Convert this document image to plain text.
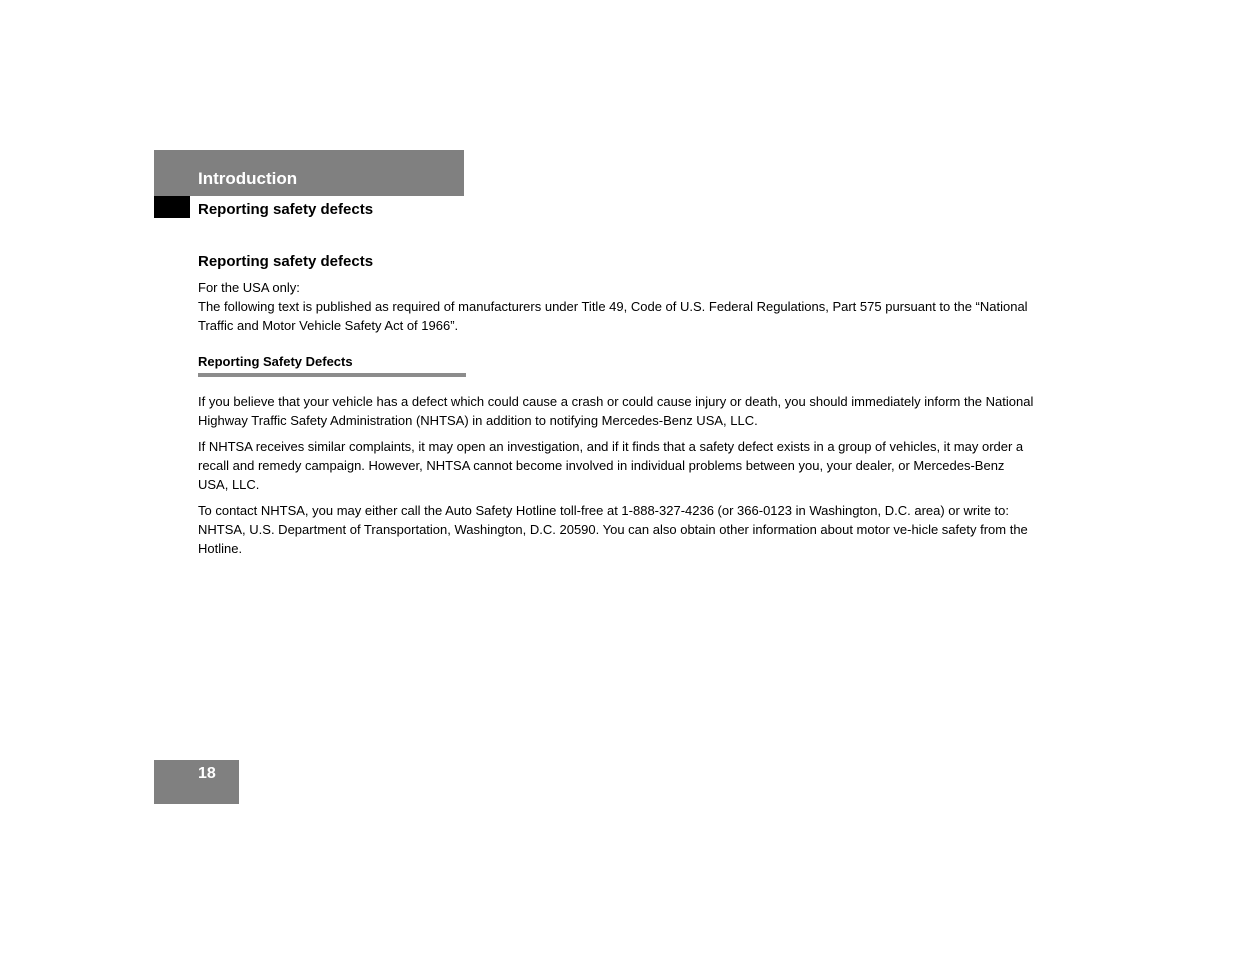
Introduction
Reporting safety defects
Reporting safety defects

For the USA only:

The following text is published as required of manufacturers under Title 49, Code of U.S. Federal Regulations, Part 575 pursuant to the “National Traffic and Motor Vehicle Safety Act of 1966”.

Reporting Safety Defects

If you believe that your vehicle has a defect which could cause a crash or could cause injury or death, you should immediately inform the National Highway Traffic Safety Administration (NHTSA) in addition to notifying Mercedes-Benz USA, LLC.

If NHTSA receives similar complaints, it may open an investigation, and if it finds that a safety defect exists in a group of vehicles, it may order a recall and remedy campaign. However, NHTSA cannot become involved in individual problems between you, your dealer, or Mercedes-Benz USA, LLC.

To contact NHTSA, you may either call the Auto Safety Hotline toll-free at 1-888-327-4236 (or 366-0123 in Washington, D.C. area) or write to: NHTSA, U.S. Department of Transportation, Washington, D.C. 20590. You can also obtain other information about motor ve-hicle safety from the Hotline.

18
